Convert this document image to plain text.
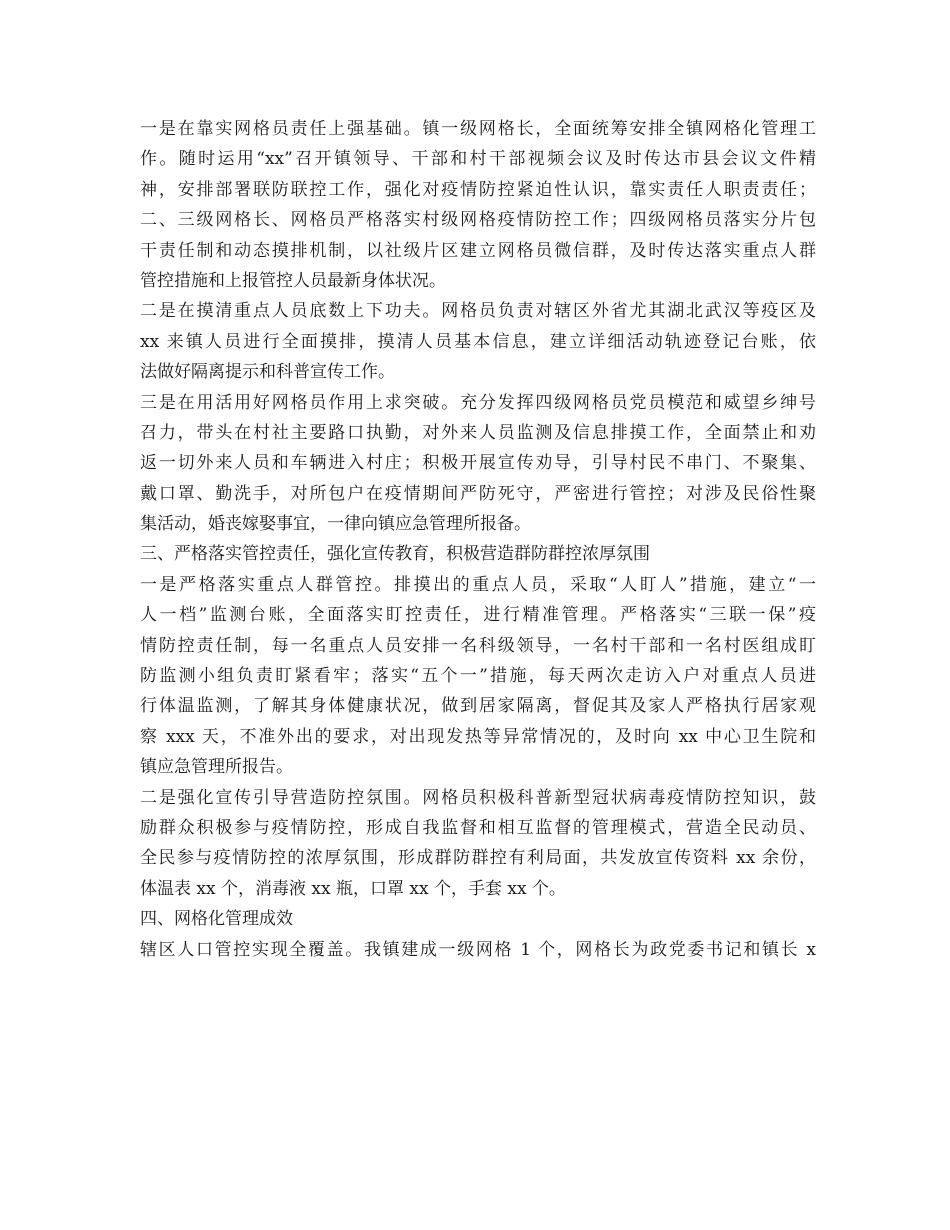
一是在靠实网格员责任上强基础。镇一级网格长，全面统筹安排全镇网格化管理工
作。随时运用“xx”召开镇领导、干部和村干部视频会议及时传达市县会议文件精
神，安排部署联防联控工作，强化对疫情防控紧迫性认识，靠实责任人职责责任；
二、三级网格长、网格员严格落实村级网格疫情防控工作；四级网格员落实分片包
干责任制和动态摸排机制，以社级片区建立网格员微信群，及时传达落实重点人群
管控措施和上报管控人员最新身体状况。
二是在摸清重点人员底数上下功夫。网格员负责对辖区外省尤其湖北武汉等疫区及
xx 来镇人员进行全面摸排，摸清人员基本信息，建立详细活动轨迹登记台账，依
法做好隔离提示和科普宣传工作。
三是在用活用好网格员作用上求突破。充分发挥四级网格员党员模范和威望乡绅号
召力，带头在村社主要路口执勤，对外来人员监测及信息排摸工作，全面禁止和劝
返一切外来人员和车辆进入村庄；积极开展宣传劝导，引导村民不串门、不聚集、
戴口罩、勤洗手，对所包户在疫情期间严防死守，严密进行管控；对涉及民俗性聚
集活动，婚丧嫁娶事宜，一律向镇应急管理所报备。
三、严格落实管控责任，强化宣传教育，积极营造群防群控浓厚氛围
一是严格落实重点人群管控。排摸出的重点人员，采取“人盯人”措施，建立“一
人一档”监测台账，全面落实盯控责任，进行精准管理。严格落实“三联一保”疫
情防控责任制，每一名重点人员安排一名科级领导，一名村干部和一名村医组成盯
防监测小组负责盯紧看牢；落实“五个一”措施，每天两次走访入户对重点人员进
行体温监测，了解其身体健康状况，做到居家隔离，督促其及家人严格执行居家观
察 xxx 天，不准外出的要求，对出现发热等异常情况的，及时向 xx 中心卫生院和
镇应急管理所报告。
二是强化宣传引导营造防控氛围。网格员积极科普新型冠状病毒疫情防控知识，鼓
励群众积极参与疫情防控，形成自我监督和相互监督的管理模式，营造全民动员、
全民参与疫情防控的浓厚氛围，形成群防群控有利局面，共发放宣传资料 xx 余份，
体温表 xx 个，消毒液 xx 瓶，口罩 xx 个，手套 xx 个。
四、网格化管理成效
辖区人口管控实现全覆盖。我镇建成一级网格 1 个，网格长为政党委书记和镇长 x
